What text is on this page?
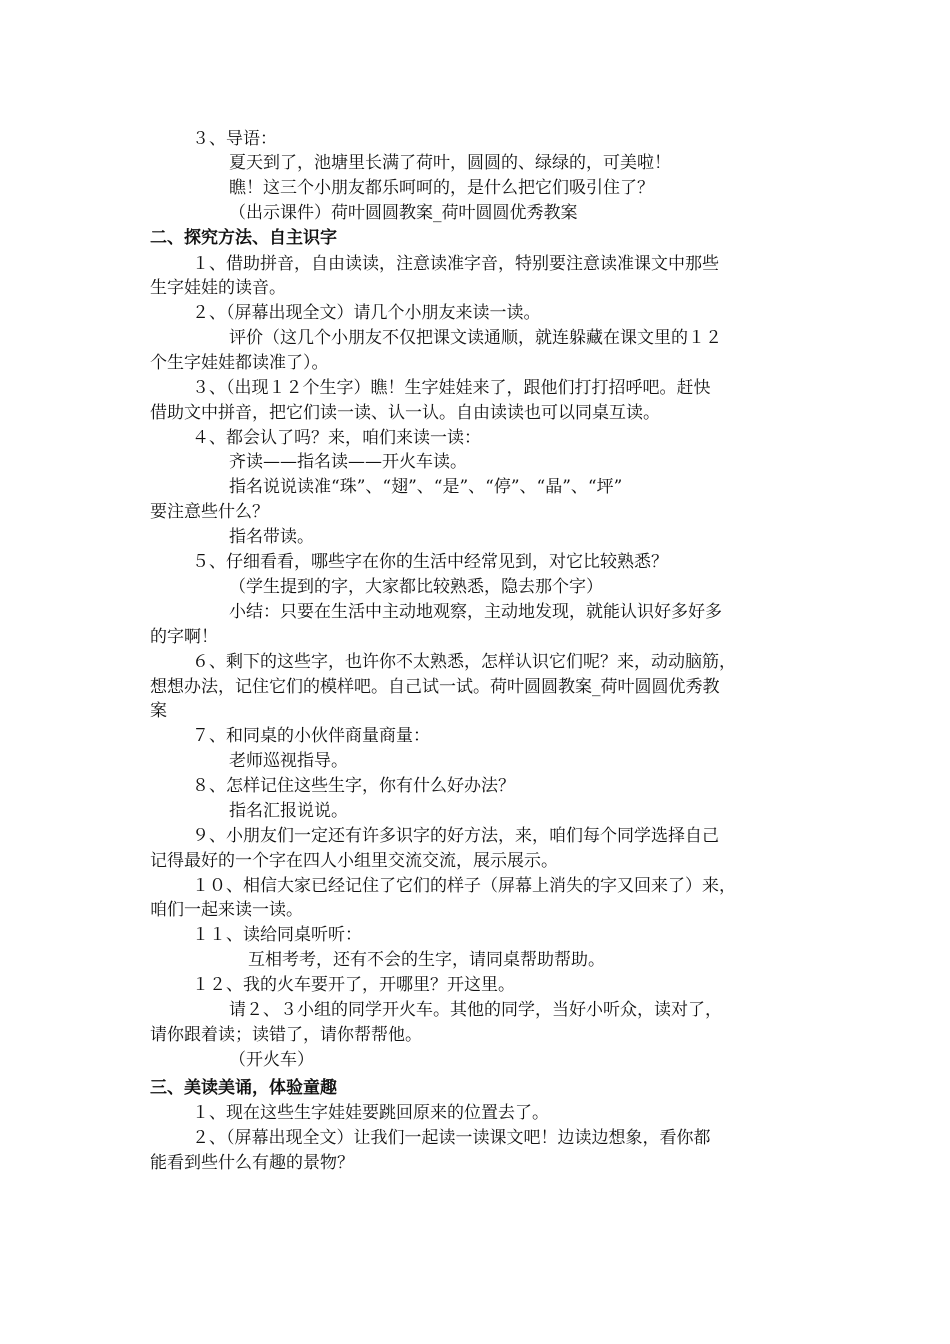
３、导语：
夏天到了，池塘里长满了荷叶，圆圆的、绿绿的，可美啦！
瞧！这三个小朋友都乐呵呵的，是什么把它们吸引住了？
（出示课件）荷叶圆圆教案_荷叶圆圆优秀教案
二、探究方法、自主识字
１、借助拼音，自由读读，注意读准字音，特别要注意读准课文中那些
生字娃娃的读音。
２、（屏幕出现全文）请几个小朋友来读一读。
评价（这几个小朋友不仅把课文读通顺，就连躲藏在课文里的１２
个生字娃娃都读准了）。
３、（出现１２个生字）瞧！生字娃娃来了，跟他们打打招呼吧。赶快
借助文中拼音，把它们读一读、认一认。自由读读也可以同桌互读。
４、都会认了吗？来，咱们来读一读：
齐读——指名读——开火车读。
指名说说读准“珠”、“翅”、“是”、“停”、“晶”、“坪”
要注意些什么？
指名带读。
５、仔细看看，哪些字在你的生活中经常见到，对它比较熟悉？
（学生提到的字，大家都比较熟悉，隐去那个字）
小结：只要在生活中主动地观察，主动地发现，就能认识好多好多
的字啊！
６、剩下的这些字，也许你不太熟悉，怎样认识它们呢？来，动动脑筋，
想想办法，记住它们的模样吧。自己试一试。荷叶圆圆教案_荷叶圆圆优秀教
案
７、和同桌的小伙伴商量商量：
老师巡视指导。
８、怎样记住这些生字，你有什么好办法？
指名汇报说说。
９、小朋友们一定还有许多识字的好方法，来，咱们每个同学选择自己
记得最好的一个字在四人小组里交流交流，展示展示。
１０、相信大家已经记住了它们的样子（屏幕上消失的字又回来了）来，
咱们一起来读一读。
１１、读给同桌听听：
互相考考，还有不会的生字，请同桌帮助帮助。
１２、我的火车要开了，开哪里？开这里。
请２、３小组的同学开火车。其他的同学，当好小听众，读对了，
请你跟着读；读错了，请你帮帮他。
（开火车）
三、美读美诵，体验童趣
１、现在这些生字娃娃要跳回原来的位置去了。
２、（屏幕出现全文）让我们一起读一读课文吧！边读边想象，看你都
能看到些什么有趣的景物？
